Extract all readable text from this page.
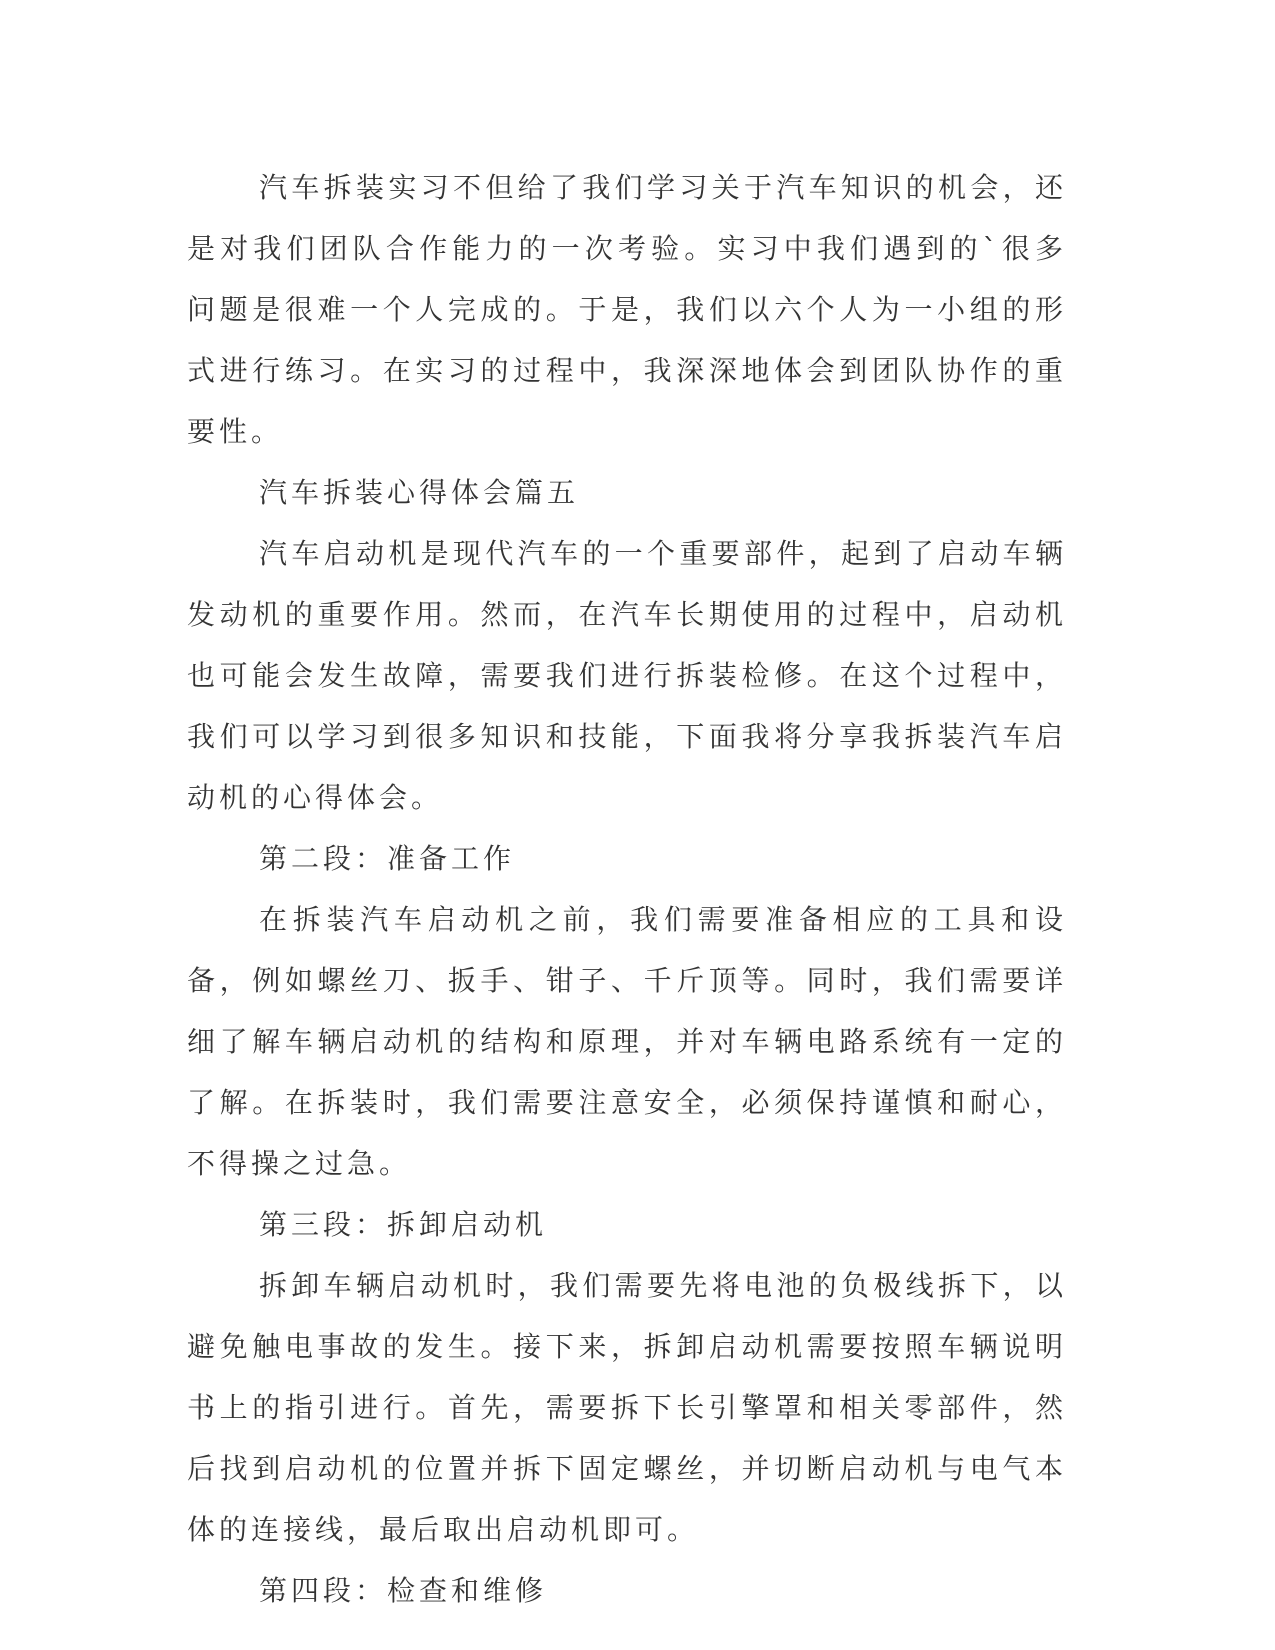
汽车拆装实习不但给了我们学习关于汽车知识的机会，还是对我们团队合作能力的一次考验。实习中我们遇到的`很多问题是很难一个人完成的。于是，我们以六个人为一小组的形式进行练习。在实习的过程中，我深深地体会到团队协作的重要性。

汽车拆装心得体会篇五

汽车启动机是现代汽车的一个重要部件，起到了启动车辆发动机的重要作用。然而，在汽车长期使用的过程中，启动机也可能会发生故障，需要我们进行拆装检修。在这个过程中，我们可以学习到很多知识和技能，下面我将分享我拆装汽车启动机的心得体会。

第二段：准备工作

在拆装汽车启动机之前，我们需要准备相应的工具和设备，例如螺丝刀、扳手、钳子、千斤顶等。同时，我们需要详细了解车辆启动机的结构和原理，并对车辆电路系统有一定的了解。在拆装时，我们需要注意安全，必须保持谨慎和耐心，不得操之过急。

第三段：拆卸启动机

拆卸车辆启动机时，我们需要先将电池的负极线拆下，以避免触电事故的发生。接下来，拆卸启动机需要按照车辆说明书上的指引进行。首先，需要拆下长引擎罩和相关零部件，然后找到启动机的位置并拆下固定螺丝，并切断启动机与电气本体的连接线，最后取出启动机即可。

第四段：检查和维修
